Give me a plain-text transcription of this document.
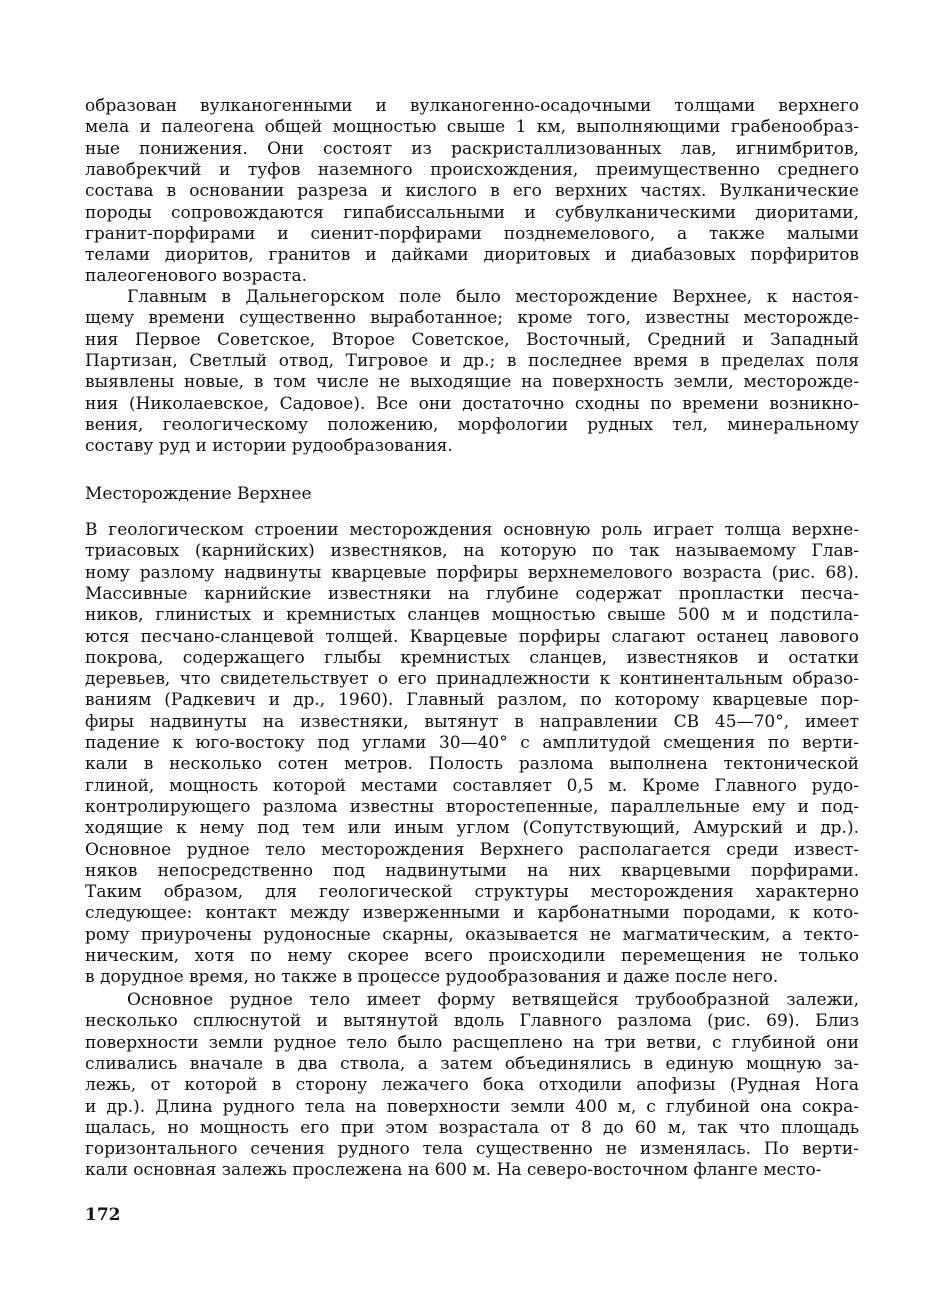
образован вулканогенными и вулканогенно-осадочными толщами верхнего
мела и палеогена общей мощностью свыше 1 км, выполняющими грабенообраз-
ные понижения. Они состоят из раскристаллизованных лав, игнимбритов,
лавобрекчий и туфов наземного происхождения, преимущественно среднего
состава в основании разреза и кислого в его верхних частях. Вулканические
породы сопровождаются гипабиссальными и субвулканическими диоритами,
гранит-порфирами и сиенит-порфирами позднемелового, а также малыми
телами диоритов, гранитов и дайками диоритовых и диабазовых порфиритов
палеогенового возраста.
Главным в Дальнегорском поле было месторождение Верхнее, к настоя-
щему времени существенно выработанное; кроме того, известны месторожде-
ния Первое Советское, Второе Советское, Восточный, Средний и Западный
Партизан, Светлый отвод, Тигровое и др.; в последнее время в пределах поля
выявлены новые, в том числе не выходящие на поверхность земли, месторожде-
ния (Николаевское, Садовое). Все они достаточно сходны по времени возникно-
вения, геологическому положению, морфологии рудных тел, минеральному
составу руд и истории рудообразования.
Месторождение Верхнее
В геологическом строении месторождения основную роль играет толща верхне-
триасовых (карнийских) известняков, на которую по так называемому Глав-
ному разлому надвинуты кварцевые порфиры верхнемелового возраста (рис. 68).
Массивные карнийские известняки на глубине содержат пропластки песча-
ников, глинистых и кремнистых сланцев мощностью свыше 500 м и подстила-
ются песчано-сланцевой толщей. Кварцевые порфиры слагают останец лавового
покрова, содержащего глыбы кремнистых сланцев, известняков и остатки
деревьев, что свидетельствует о его принадлежности к континентальным образо-
ваниям (Радкевич и др., 1960). Главный разлом, по которому кварцевые пор-
фиры надвинуты на известняки, вытянут в направлении СВ 45—70°, имеет
падение к юго-востоку под углами 30—40° с амплитудой смещения по верти-
кали в несколько сотен метров. Полость разлома выполнена тектонической
глиной, мощность которой местами составляет 0,5 м. Кроме Главного рудо-
контролирующего разлома известны второстепенные, параллельные ему и под-
ходящие к нему под тем или иным углом (Сопутствующий, Амурский и др.).
Основное рудное тело месторождения Верхнего располагается среди извест-
няков непосредственно под надвинутыми на них кварцевыми порфирами.
Таким образом, для геологической структуры месторождения характерно
следующее: контакт между изверженными и карбонатными породами, к кото-
рому приурочены рудоносные скарны, оказывается не магматическим, а текто-
ническим, хотя по нему скорее всего происходили перемещения не только
в дорудное время, но также в процессе рудообразования и даже после него.
Основное рудное тело имеет форму ветвящейся трубообразной залежи,
несколько сплюснутой и вытянутой вдоль Главного разлома (рис. 69). Близ
поверхности земли рудное тело было расщеплено на три ветви, с глубиной они
сливались вначале в два ствола, а затем объединялись в единую мощную за-
лежь, от которой в сторону лежачего бока отходили апофизы (Рудная Нога
и др.). Длина рудного тела на поверхности земли 400 м, с глубиной она сокра-
щалась, но мощность его при этом возрастала от 8 до 60 м, так что площадь
горизонтального сечения рудного тела существенно не изменялась. По верти-
кали основная залежь прослежена на 600 м. На северо-восточном фланге место-
172
